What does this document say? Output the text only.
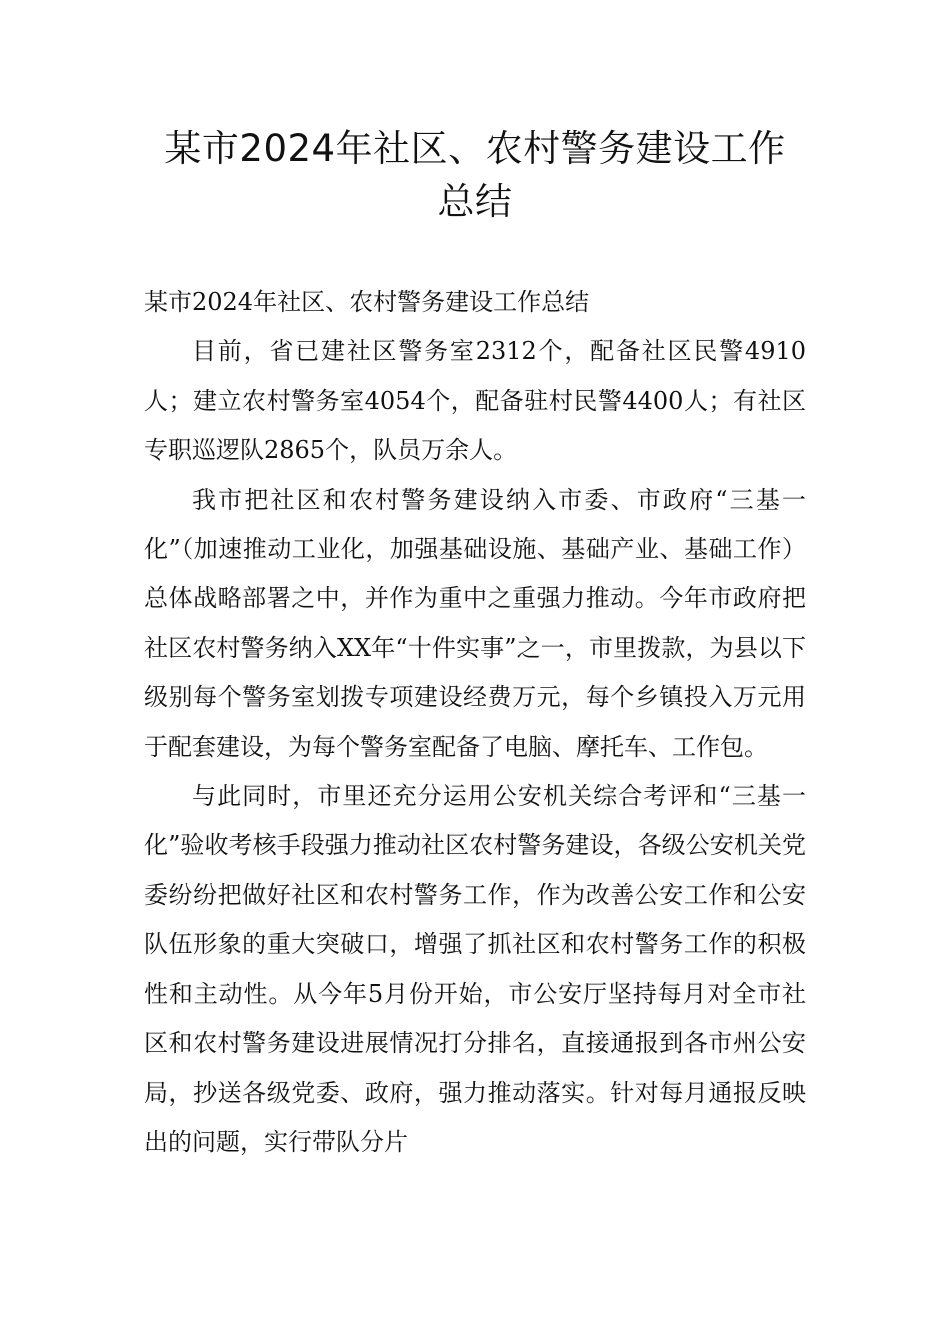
某市2024年社区、农村警务建设工作
总结

某市2024年社区、农村警务建设工作总结

目前，省已建社区警务室2312个，配备社区民警4910人；建立农村警务室4054个，配备驻村民警4400人；有社区专职巡逻队2865个，队员万余人。

我市把社区和农村警务建设纳入市委、市政府“三基一化”（加速推动工业化，加强基础设施、基础产业、基础工作）总体战略部署之中，并作为重中之重强力推动。今年市政府把社区农村警务纳入XX年“十件实事”之一，市里拨款，为县以下级别每个警务室划拨专项建设经费万元，每个乡镇投入万元用于配套建设，为每个警务室配备了电脑、摩托车、工作包。

与此同时，市里还充分运用公安机关综合考评和“三基一化”验收考核手段强力推动社区农村警务建设，各级公安机关党委纷纷把做好社区和农村警务工作，作为改善公安工作和公安队伍形象的重大突破口，增强了抓社区和农村警务工作的积极性和主动性。从今年5月份开始，市公安厅坚持每月对全市社区和农村警务建设进展情况打分排名，直接通报到各市州公安局，抄送各级党委、政府，强力推动落实。针对每月通报反映出的问题，实行带队分片
